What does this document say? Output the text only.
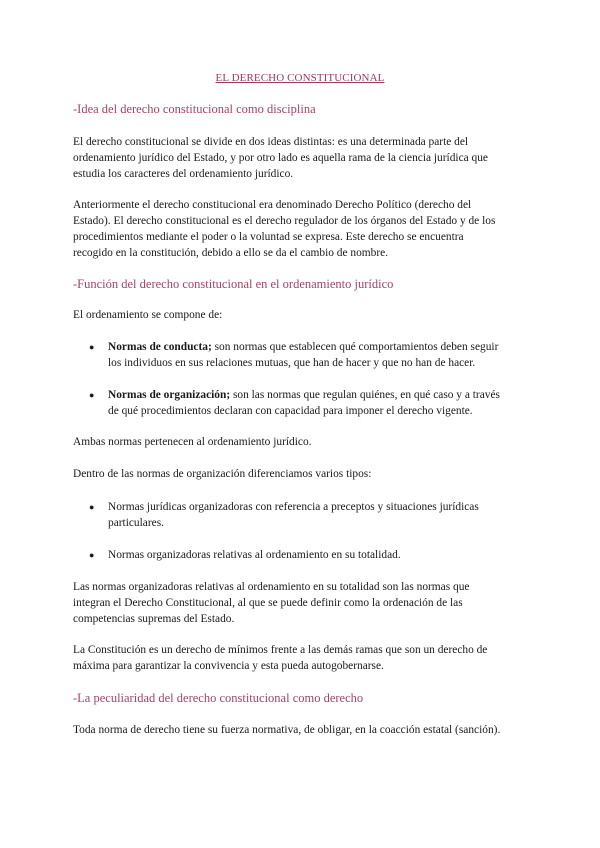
EL DERECHO CONSTITUCIONAL
-Idea del derecho constitucional como disciplina
El derecho constitucional se divide en dos ideas distintas: es una determinada parte del
ordenamiento jurídico del Estado, y por otro lado es aquella rama de la ciencia jurídica que
estudia los caracteres del ordenamiento jurídico.
Anteriormente el derecho constitucional era denominado Derecho Político (derecho del
Estado). El derecho constitucional es el derecho regulador de los órganos del Estado y de los
procedimientos mediante el poder o la voluntad se expresa. Este derecho se encuentra
recogido en la constitución, debido a ello se da el cambio de nombre.
-Función del derecho constitucional en el ordenamiento jurídico
El ordenamiento se compone de:
● Normas de conducta; son normas que establecen qué comportamientos deben seguir
los individuos en sus relaciones mutuas, que han de hacer y que no han de hacer.
● Normas de organización; son las normas que regulan quiénes, en qué caso y a través
de qué procedimientos declaran con capacidad para imponer el derecho vigente.
Ambas normas pertenecen al ordenamiento jurídico.
Dentro de las normas de organización diferenciamos varios tipos:
● Normas jurídicas organizadoras con referencia a preceptos y situaciones jurídicas
particulares.
● Normas organizadoras relativas al ordenamiento en su totalidad.
Las normas organizadoras relativas al ordenamiento en su totalidad son las normas que
integran el Derecho Constitucional, al que se puede definir como la ordenación de las
competencias supremas del Estado.
La Constitución es un derecho de mínimos frente a las demás ramas que son un derecho de
máxima para garantizar la convivencia y esta pueda autogobernarse.
-La peculiaridad del derecho constitucional como derecho
Toda norma de derecho tiene su fuerza normativa, de obligar, en la coacción estatal (sanción).
